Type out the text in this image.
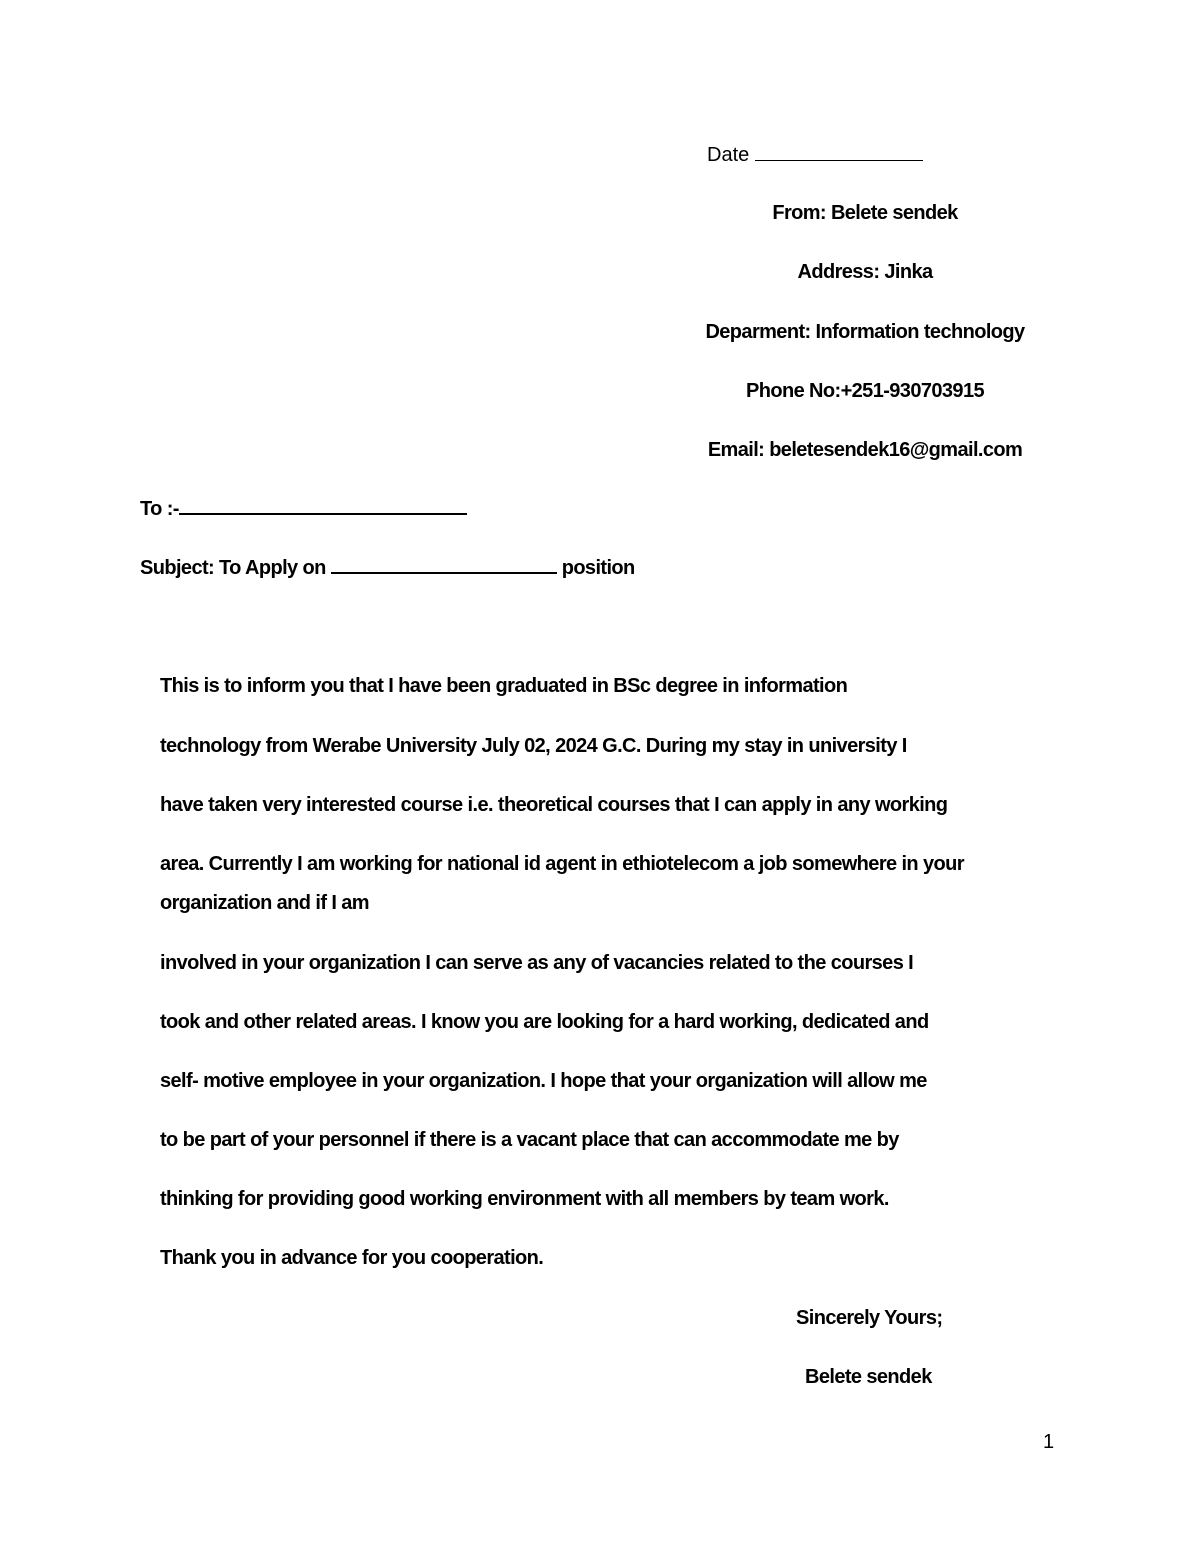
Date
From: Belete sendek
Address: Jinka
Deparment: Information technology
Phone No:+251-930703915
Email: beletesendek16@gmail.com
To :-
Subject: To Apply on	position
This is to inform you that I have been graduated in BSc degree in information
technology from Werabe University July 02, 2024 G.C. During my stay in university I
have taken very interested course i.e. theoretical courses that I can apply in any working
area. Currently I am working for national id agent in ethiotelecom a job somewhere in your
organization and if I am
involved in your organization I can serve as any of vacancies related to the courses I
took and other related areas. I know you are looking for a hard working, dedicated and
self- motive employee in your organization. I hope that your organization will allow me
to be part of your personnel if there is a vacant place that can accommodate me by
thinking for providing good working environment with all members by team work.
Thank you in advance for you cooperation.
Sincerely Yours;
Belete sendek
1
